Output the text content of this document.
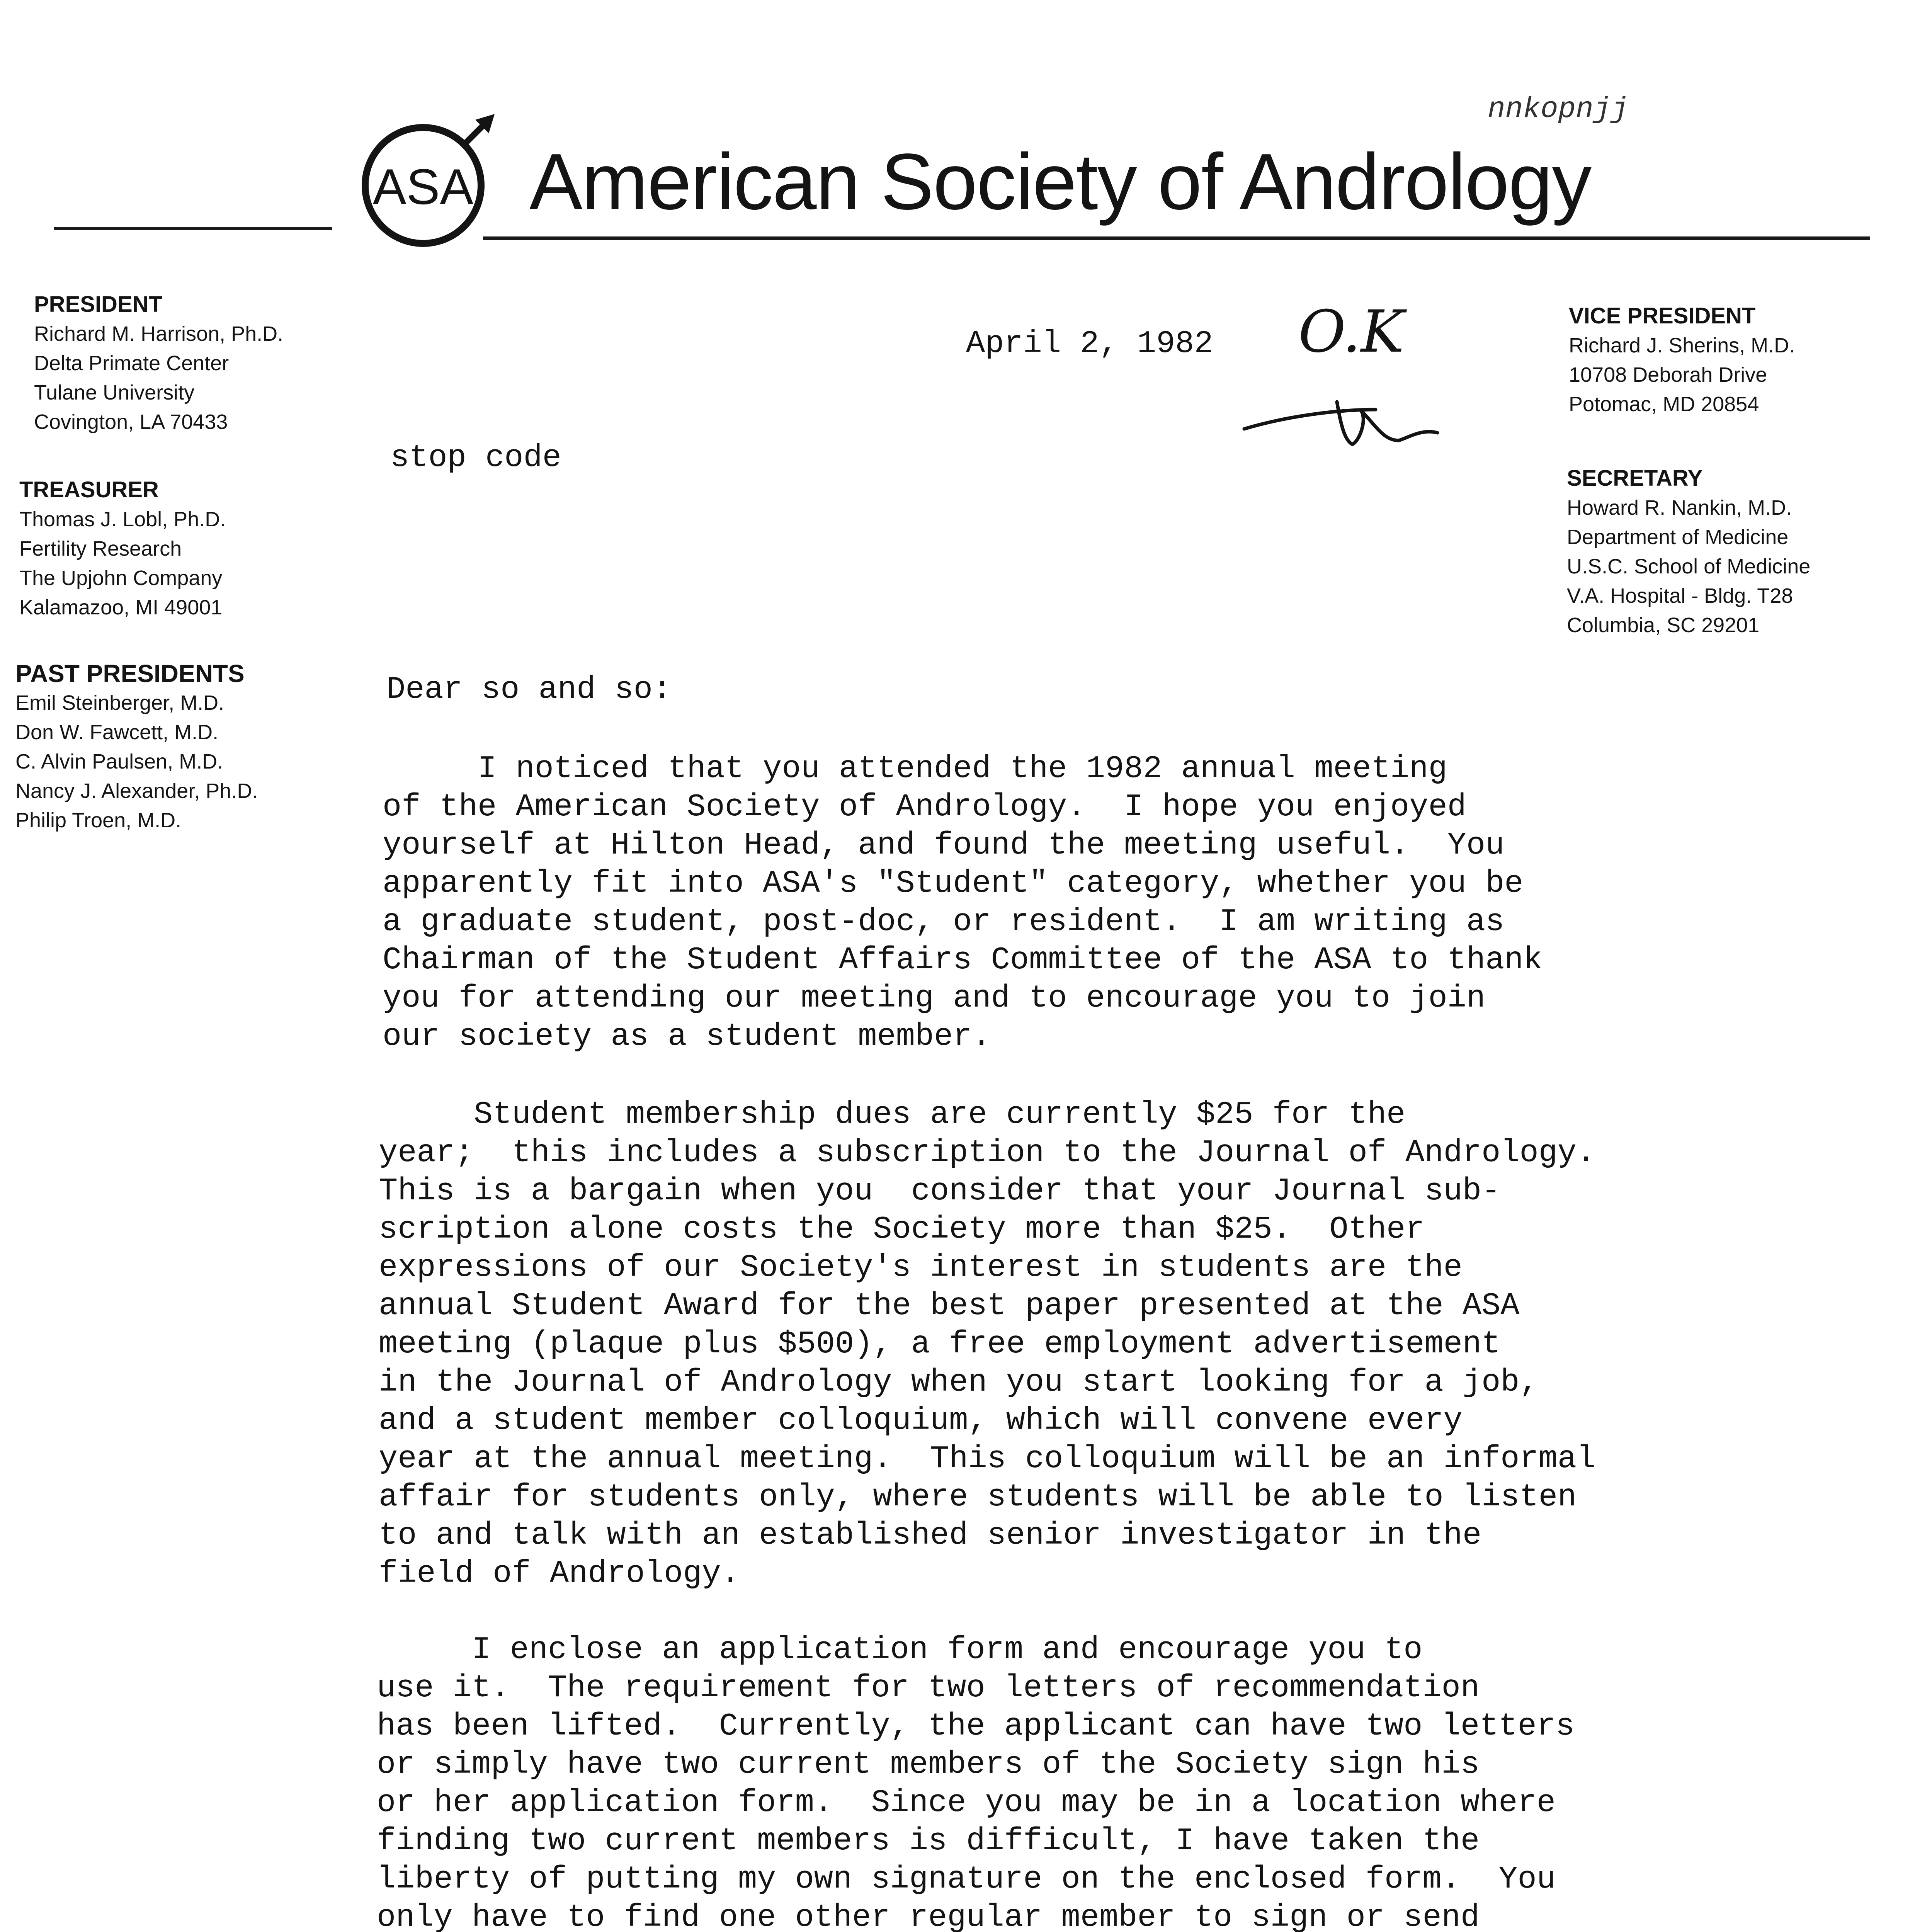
ASA American Society of Andrology
nnkopnjj
PRESIDENT
Richard M. Harrison, Ph.D.
Delta Primate Center
Tulane University
Covington, LA 70433
TREASURER
Thomas J. Lobl, Ph.D.
Fertility Research
The Upjohn Company
Kalamazoo, MI 49001
PAST PRESIDENTS
Emil Steinberger, M.D.
Don W. Fawcett, M.D.
C. Alvin Paulsen, M.D.
Nancy J. Alexander, Ph.D.
Philip Troen, M.D.
VICE PRESIDENT
Richard J. Sherins, M.D.
10708 Deborah Drive
Potomac, MD 20854
SECRETARY
Howard R. Nankin, M.D.
Department of Medicine
U.S.C. School of Medicine
V.A. Hospital - Bldg. T28
Columbia, SC 29201
O.K
April 2, 1982
stop code
Dear so and so:
I noticed that you attended the 1982 annual meeting
of the American Society of Andrology.  I hope you enjoyed
yourself at Hilton Head, and found the meeting useful.  You
apparently fit into ASA's "Student" category, whether you be
a graduate student, post-doc, or resident.  I am writing as
Chairman of the Student Affairs Committee of the ASA to thank
you for attending our meeting and to encourage you to join
our society as a student member.
Student membership dues are currently $25 for the
year;  this includes a subscription to the Journal of Andrology.
This is a bargain when you  consider that your Journal sub-
scription alone costs the Society more than $25.  Other
expressions of our Society's interest in students are the
annual Student Award for the best paper presented at the ASA
meeting (plaque plus $500), a free employment advertisement
in the Journal of Andrology when you start looking for a job,
and a student member colloquium, which will convene every
year at the annual meeting.  This colloquium will be an informal
affair for students only, where students will be able to listen
to and talk with an established senior investigator in the
field of Andrology.
I enclose an application form and encourage you to
use it.  The requirement for two letters of recommendation
has been lifted.  Currently, the applicant can have two letters
or simply have two current members of the Society sign his
or her application form.  Since you may be in a location where
finding two current members is difficult, I have taken the
liberty of putting my own signature on the enclosed form.  You
only have to find one other regular member to sign or send
